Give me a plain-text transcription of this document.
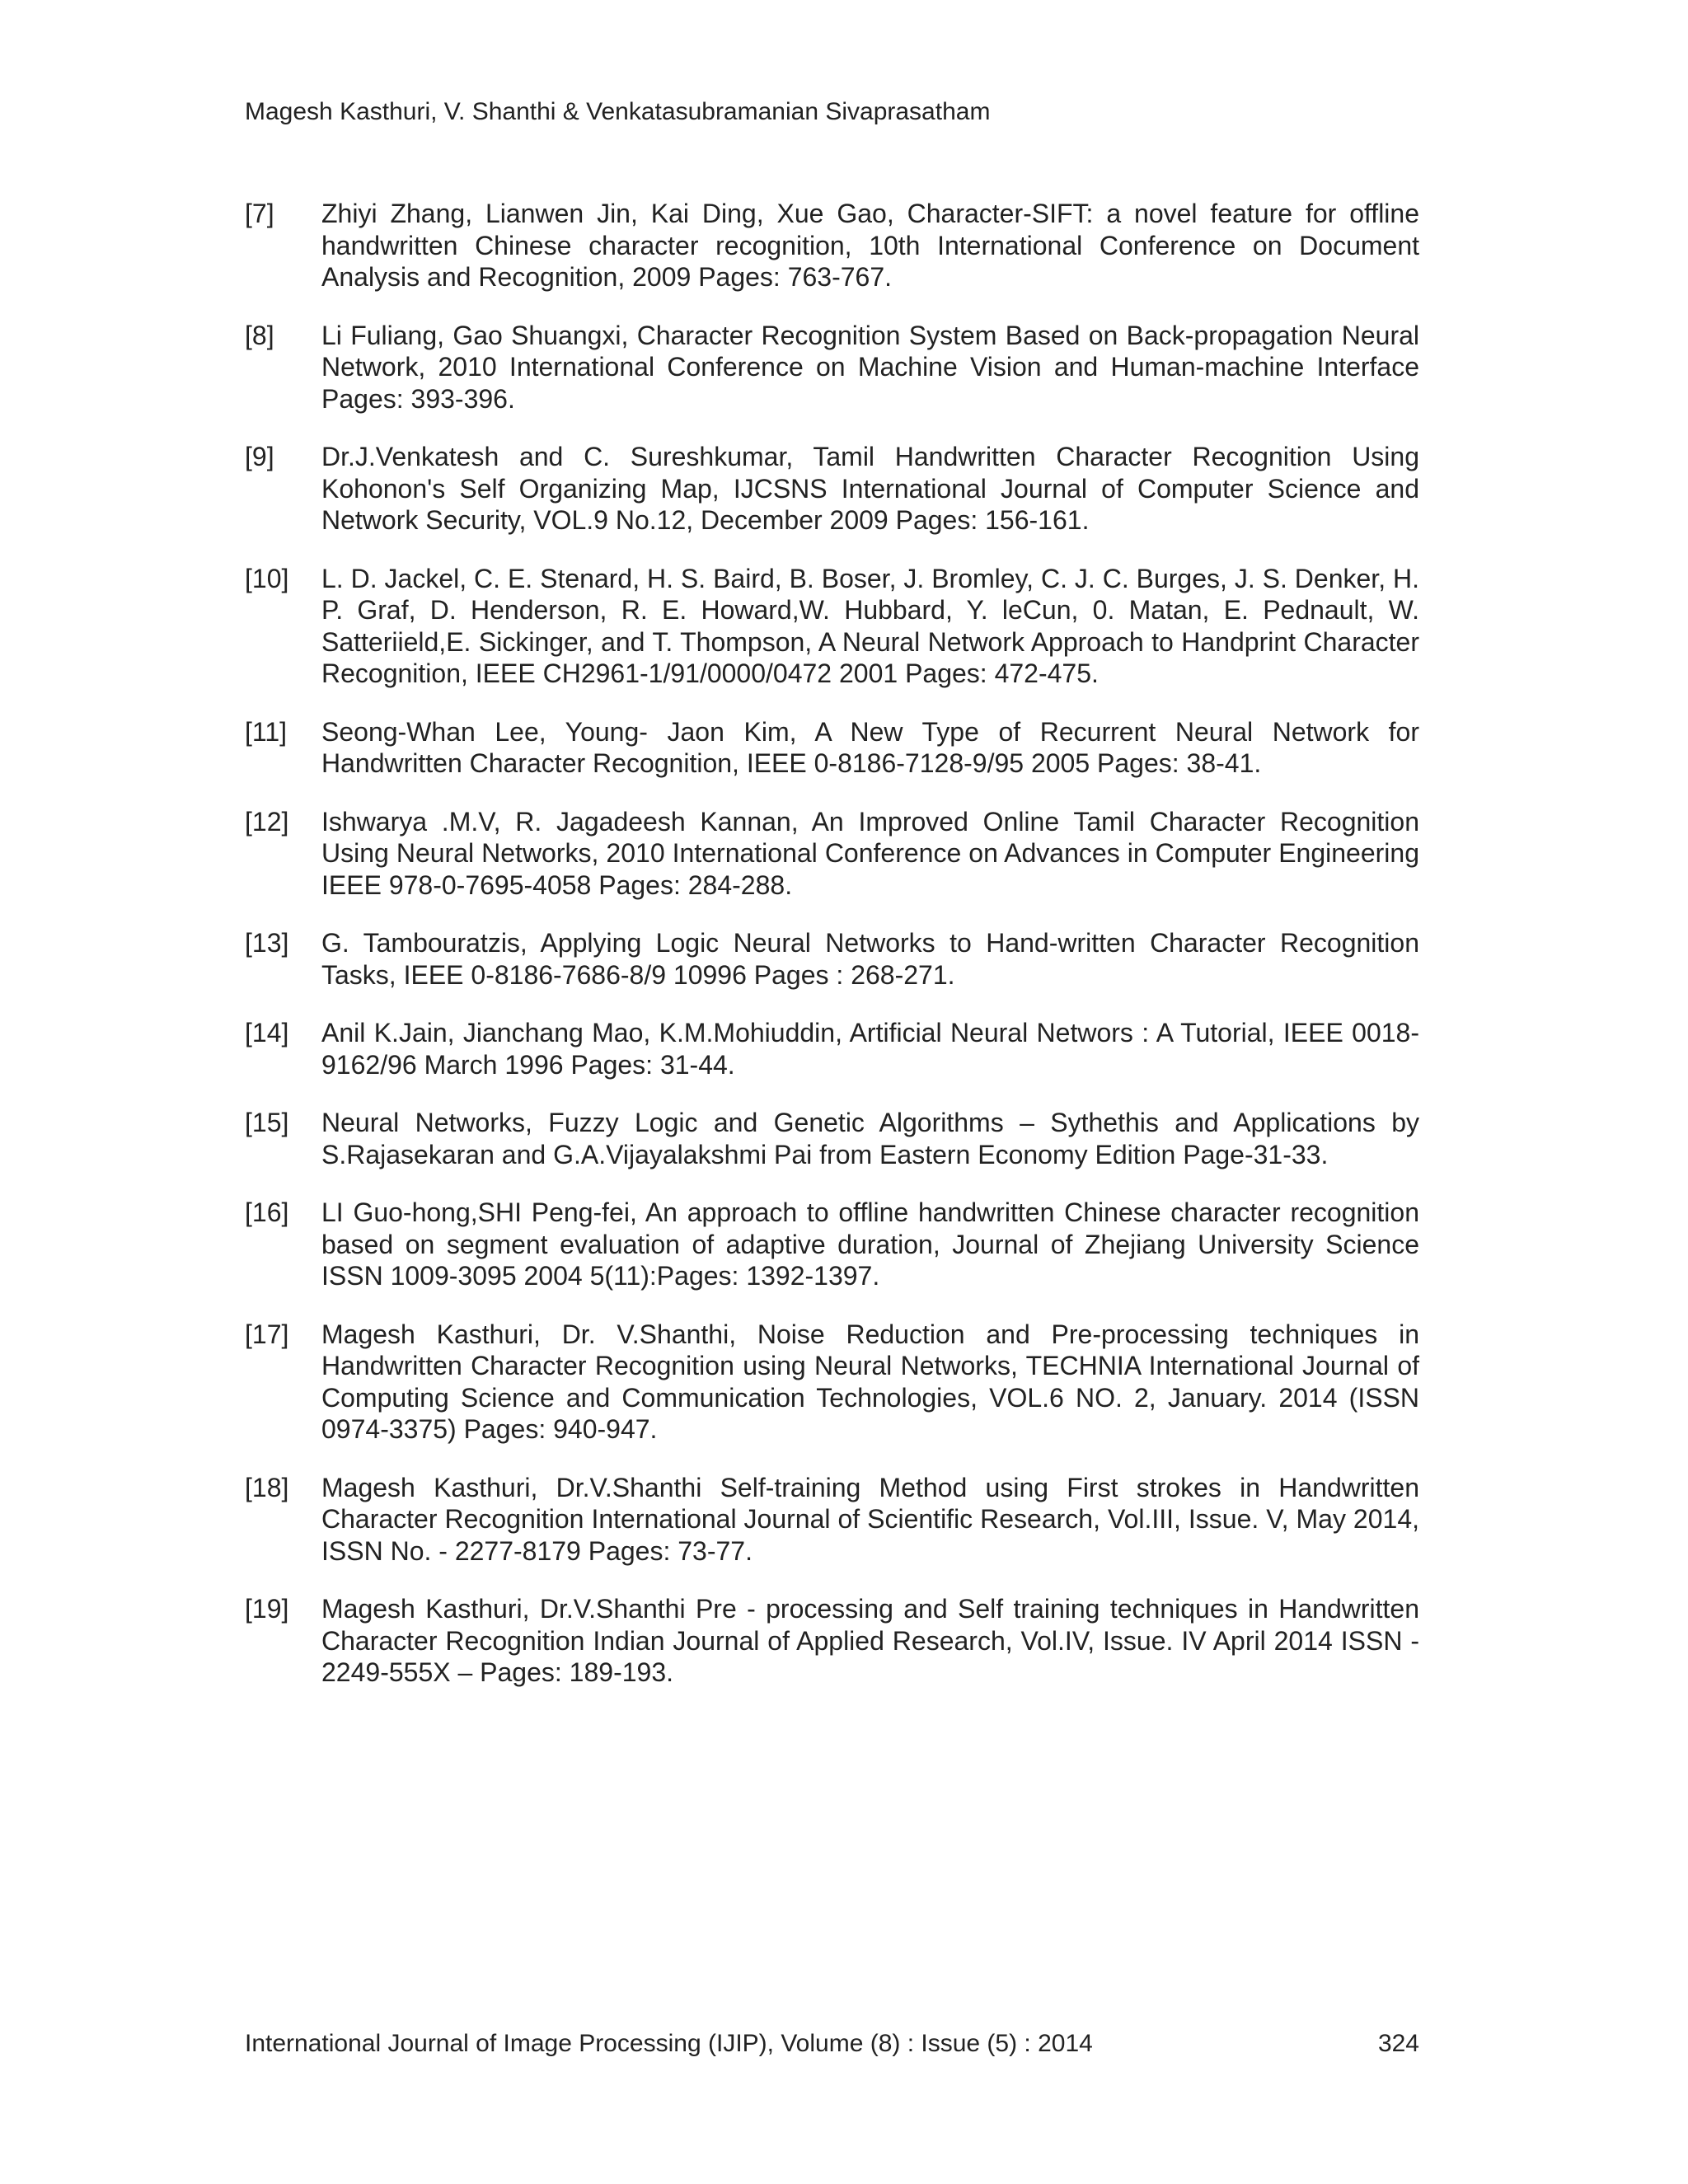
Magesh Kasthuri, V. Shanthi & Venkatasubramanian Sivaprasatham
[7] Zhiyi Zhang, Lianwen Jin, Kai Ding, Xue Gao, Character-SIFT: a novel feature for offline handwritten Chinese character recognition, 10th International Conference on Document Analysis and Recognition, 2009 Pages: 763-767.
[8] Li Fuliang, Gao Shuangxi, Character Recognition System Based on Back-propagation Neural Network, 2010 International Conference on Machine Vision and Human-machine Interface Pages: 393-396.
[9] Dr.J.Venkatesh and C. Sureshkumar, Tamil Handwritten Character Recognition Using Kohonon's Self Organizing Map, IJCSNS International Journal of Computer Science and Network Security, VOL.9 No.12, December 2009 Pages: 156-161.
[10] L. D. Jackel, C. E. Stenard, H. S. Baird, B. Boser, J. Bromley, C. J. C. Burges, J. S. Denker, H. P. Graf, D. Henderson, R. E. Howard,W. Hubbard, Y. leCun, 0. Matan, E. Pednault, W. Satteriield,E. Sickinger, and T. Thompson, A Neural Network Approach to Handprint Character Recognition, IEEE CH2961-1/91/0000/0472 2001 Pages: 472-475.
[11] Seong-Whan Lee, Young- Jaon Kim, A New Type of Recurrent Neural Network for Handwritten Character Recognition, IEEE 0-8186-7128-9/95 2005 Pages: 38-41.
[12] Ishwarya .M.V, R. Jagadeesh Kannan, An Improved Online Tamil Character Recognition Using Neural Networks, 2010 International Conference on Advances in Computer Engineering IEEE 978-0-7695-4058 Pages: 284-288.
[13] G. Tambouratzis, Applying Logic Neural Networks to Hand-written Character Recognition Tasks, IEEE 0-8186-7686-8/9 10996 Pages : 268-271.
[14] Anil K.Jain, Jianchang Mao, K.M.Mohiuddin, Artificial Neural Networs : A Tutorial, IEEE 0018-9162/96 March 1996 Pages: 31-44.
[15] Neural Networks, Fuzzy Logic and Genetic Algorithms – Sythethis and Applications by S.Rajasekaran and G.A.Vijayalakshmi Pai from Eastern Economy Edition Page-31-33.
[16] LI Guo-hong,SHI Peng-fei, An approach to offline handwritten Chinese character recognition based on segment evaluation of adaptive duration, Journal of Zhejiang University Science ISSN 1009-3095 2004 5(11):Pages: 1392-1397.
[17] Magesh Kasthuri, Dr. V.Shanthi, Noise Reduction and Pre-processing techniques in Handwritten Character Recognition using Neural Networks, TECHNIA International Journal of Computing Science and Communication Technologies, VOL.6 NO. 2, January. 2014 (ISSN 0974-3375) Pages: 940-947.
[18] Magesh Kasthuri, Dr.V.Shanthi Self-training Method using First strokes in Handwritten Character Recognition International Journal of Scientific Research, Vol.III, Issue. V, May 2014, ISSN No. - 2277-8179 Pages: 73-77.
[19] Magesh Kasthuri, Dr.V.Shanthi Pre - processing and Self training techniques in Handwritten Character Recognition Indian Journal of Applied Research, Vol.IV, Issue. IV April 2014 ISSN - 2249-555X – Pages: 189-193.
International Journal of Image Processing (IJIP), Volume (8) : Issue (5) : 2014	324
